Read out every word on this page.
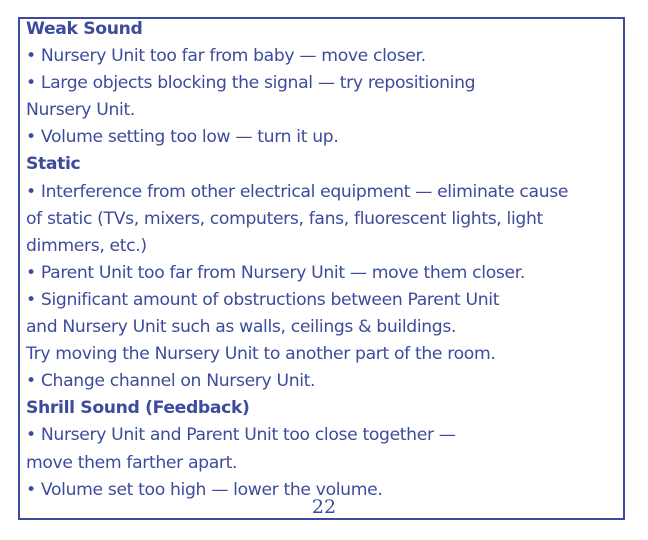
Weak Sound
• Nursery Unit too far from baby — move closer.
• Large objects blocking the signal — try repositioning
Nursery Unit.
• Volume setting too low — turn it up.
Static
• Interference from other electrical equipment — eliminate cause
of static (TVs, mixers, computers, fans, fluorescent lights, light
dimmers, etc.)
• Parent Unit too far from Nursery Unit — move them closer.
• Significant amount of obstructions between Parent Unit
and Nursery Unit such as walls, ceilings & buildings.
Try moving the Nursery Unit to another part of the room.
• Change channel on Nursery Unit.
Shrill Sound (Feedback)
• Nursery Unit and Parent Unit too close together —
move them farther apart.
• Volume set too high — lower the volume.
22
